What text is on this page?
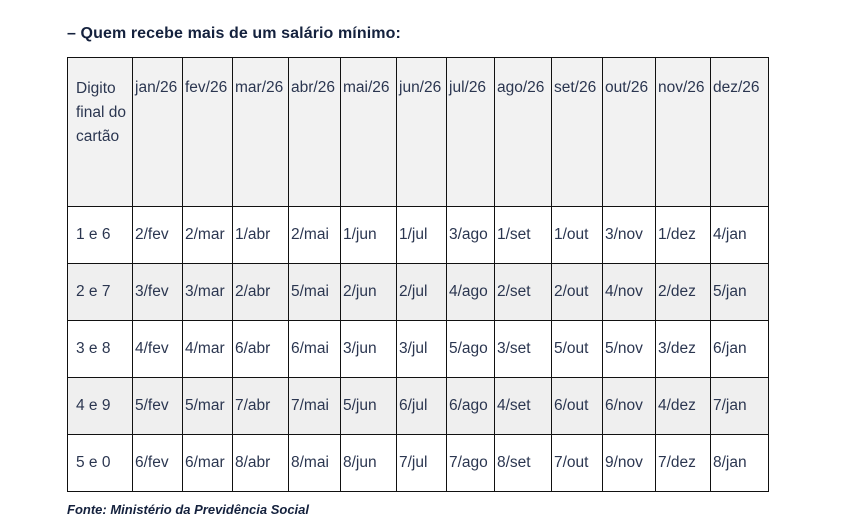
– Quem recebe mais de um salário mínimo:
Digito final do cartão	jan/26	fev/26	mar/26	abr/26	mai/26	jun/26	jul/26	ago/26	set/26	out/26	nov/26	dez/26
1 e 6	2/fev	2/mar	1/abr	2/mai	1/jun	1/jul	3/ago	1/set	1/out	3/nov	1/dez	4/jan
2 e 7	3/fev	3/mar	2/abr	5/mai	2/jun	2/jul	4/ago	2/set	2/out	4/nov	2/dez	5/jan
3 e 8	4/fev	4/mar	6/abr	6/mai	3/jun	3/jul	5/ago	3/set	5/out	5/nov	3/dez	6/jan
4 e 9	5/fev	5/mar	7/abr	7/mai	5/jun	6/jul	6/ago	4/set	6/out	6/nov	4/dez	7/jan
5 e 0	6/fev	6/mar	8/abr	8/mai	8/jun	7/jul	7/ago	8/set	7/out	9/nov	7/dez	8/jan
Fonte: Ministério da Previdência Social
